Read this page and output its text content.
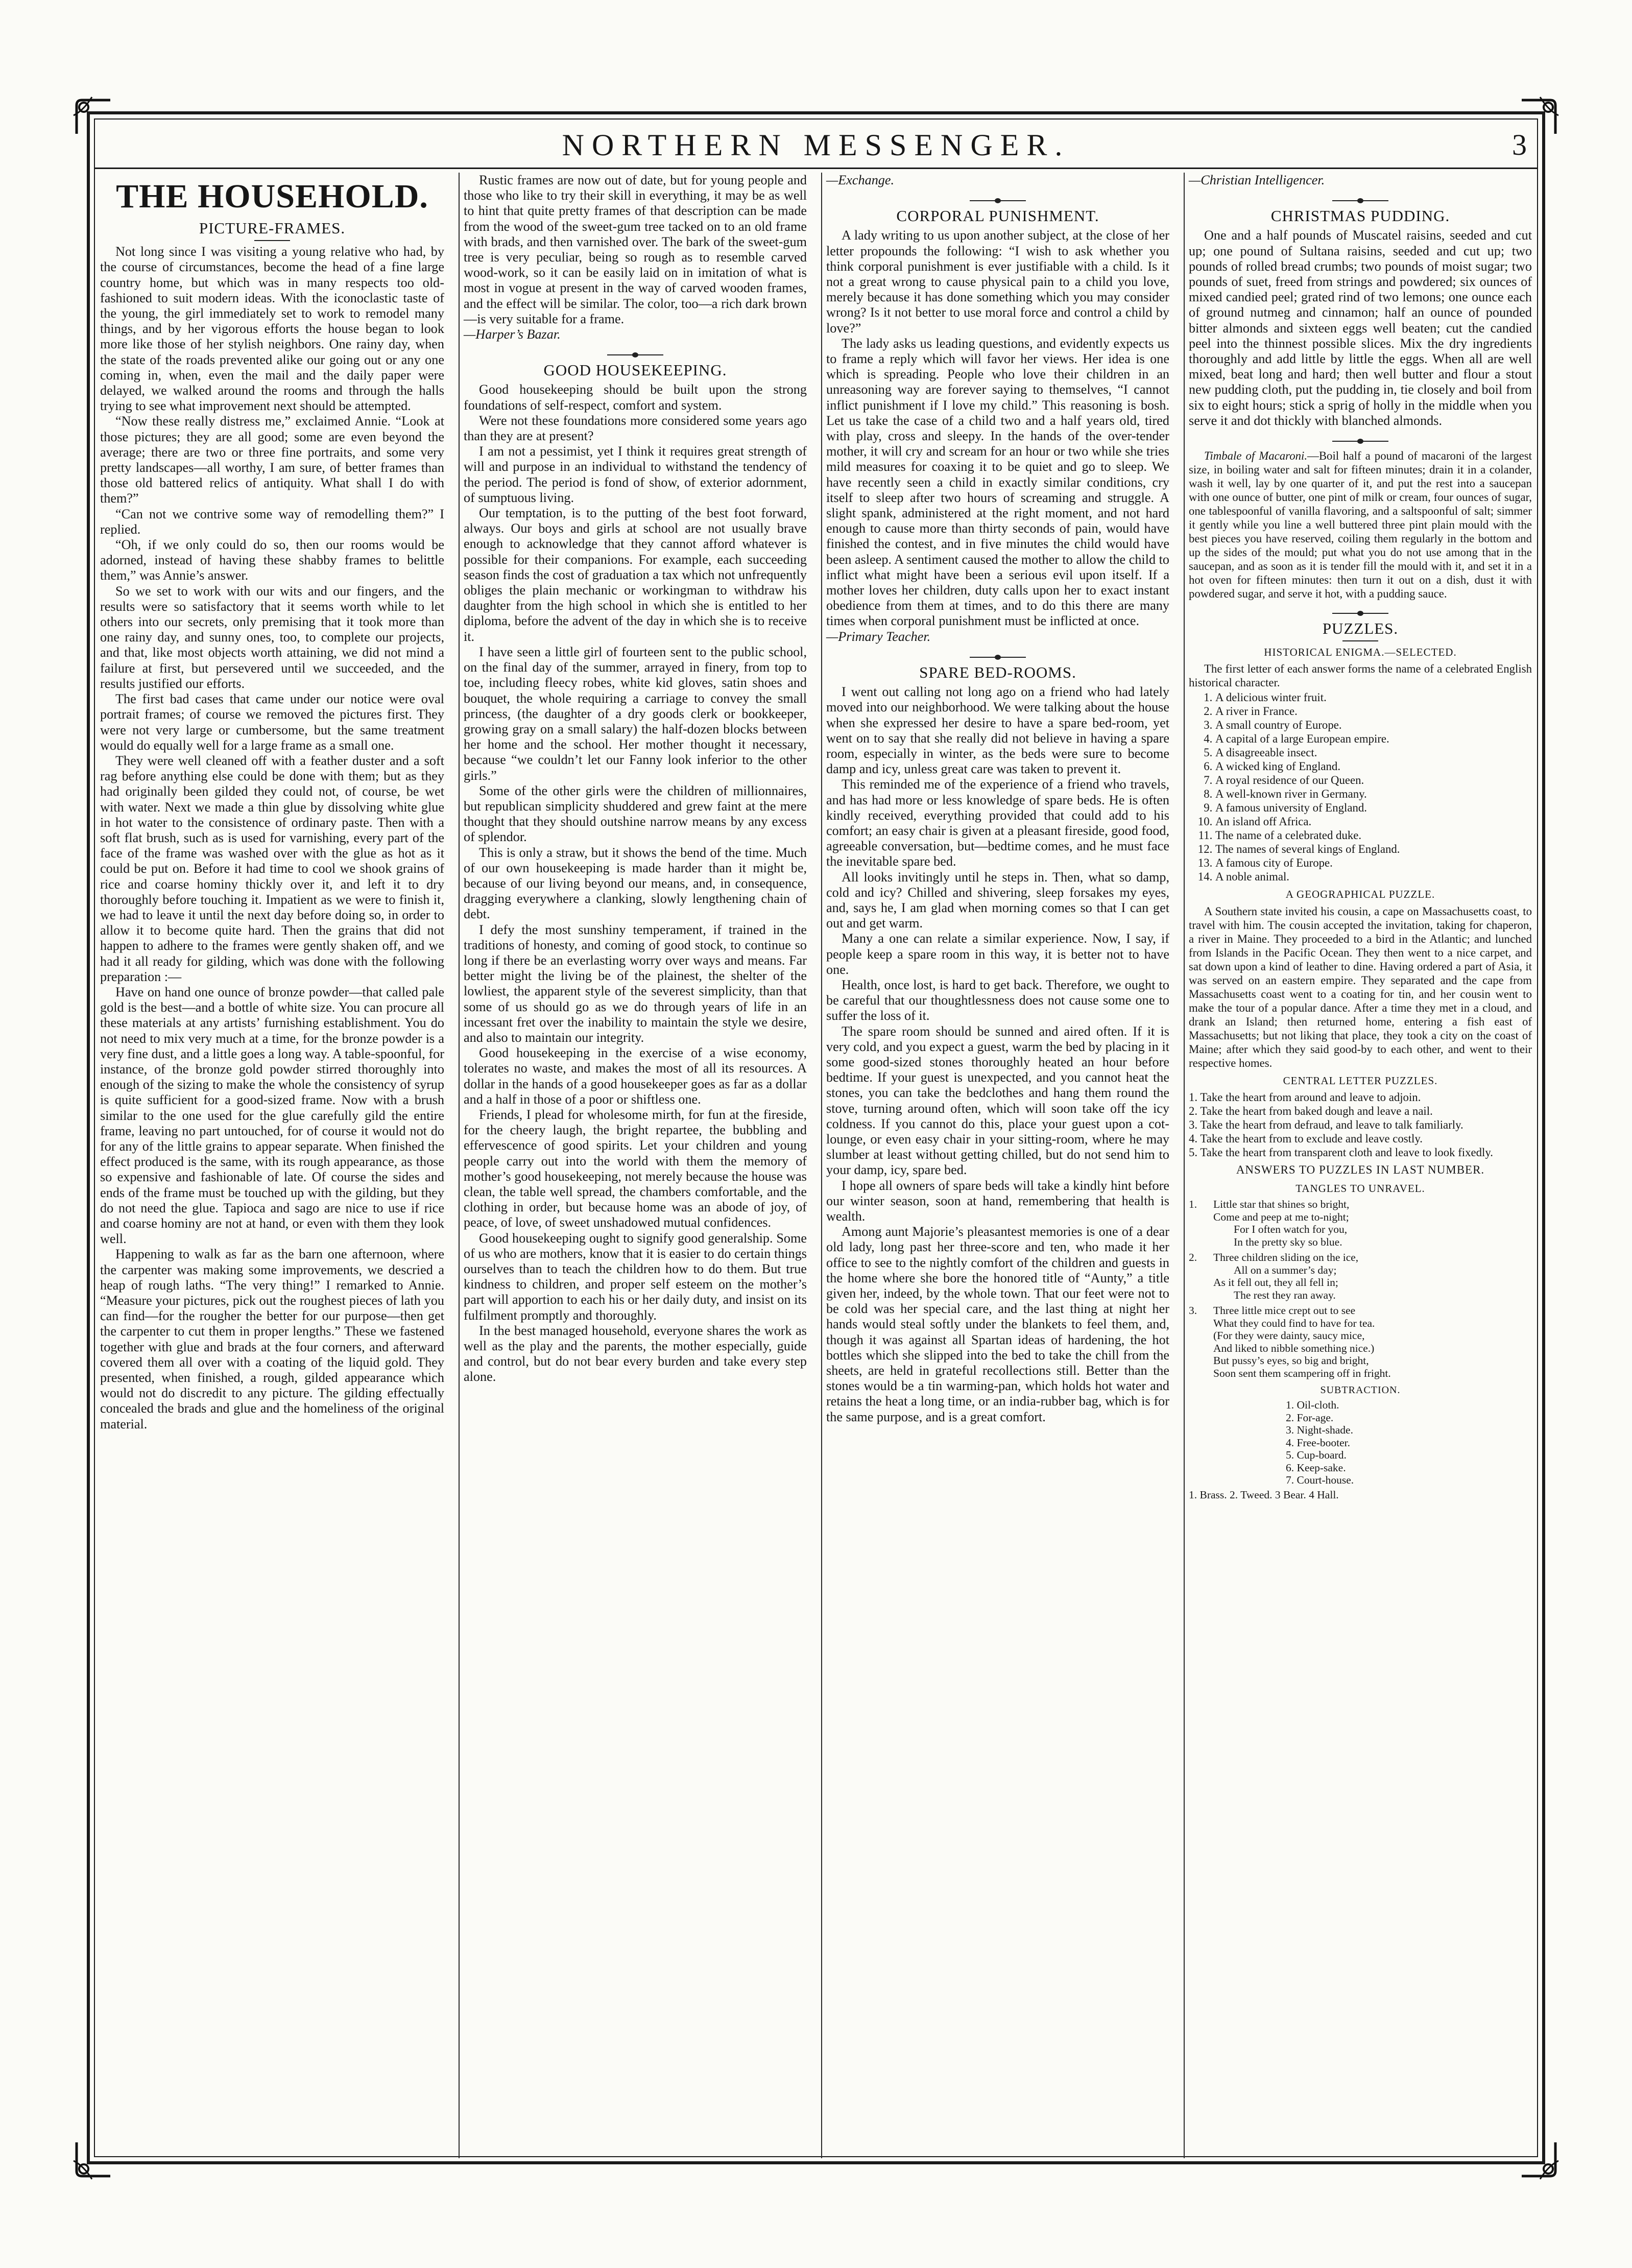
NORTHERN MESSENGER.	3
THE HOUSEHOLD.
PICTURE-FRAMES.

Not long since I was visiting a young relative who had, by the course of circumstances, become the head of a fine large country home, but which was in many respects too old-fashioned to suit modern ideas. With the iconoclastic taste of the young, the girl immediately set to work to remodel many things, and by her vigorous efforts the house began to look more like those of her stylish neighbors. One rainy day, when the state of the roads prevented alike our going out or any one coming in, when, even the mail and the daily paper were delayed, we walked around the rooms and through the halls trying to see what improvement next should be attempted.

“Now these really distress me,” exclaimed Annie. “Look at those pictures; they are all good; some are even beyond the average; there are two or three fine portraits, and some very pretty landscapes—all worthy, I am sure, of better frames than those old battered relics of antiquity. What shall I do with them?”

“Can not we contrive some way of remodelling them?” I replied.

“Oh, if we only could do so, then our rooms would be adorned, instead of having these shabby frames to belittle them,” was Annie’s answer.

So we set to work with our wits and our fingers, and the results were so satisfactory that it seems worth while to let others into our secrets, only premising that it took more than one rainy day, and sunny ones, too, to complete our projects, and that, like most objects worth attaining, we did not mind a failure at first, but persevered until we succeeded, and the results justified our efforts.

The first bad cases that came under our notice were oval portrait frames; of course we removed the pictures first. They were not very large or cumbersome, but the same treatment would do equally well for a large frame as a small one.

They were well cleaned off with a feather duster and a soft rag before anything else could be done with them; but as they had originally been gilded they could not, of course, be wet with water. Next we made a thin glue by dissolving white glue in hot water to the consistence of ordinary paste. Then with a soft flat brush, such as is used for varnishing, every part of the face of the frame was washed over with the glue as hot as it could be put on. Before it had time to cool we shook grains of rice and coarse hominy thickly over it, and left it to dry thoroughly before touching it. Impatient as we were to finish it, we had to leave it until the next day before doing so, in order to allow it to become quite hard. Then the grains that did not happen to adhere to the frames were gently shaken off, and we had it all ready for gilding, which was done with the following preparation :—

Have on hand one ounce of bronze powder—that called pale gold is the best—and a bottle of white size. You can procure all these materials at any artists’ furnishing establishment. You do not need to mix very much at a time, for the bronze powder is a very fine dust, and a little goes a long way. A table-spoonful, for instance, of the bronze gold powder stirred thoroughly into enough of the sizing to make the whole the consistency of syrup is quite sufficient for a good-sized frame. Now with a brush similar to the one used for the glue carefully gild the entire frame, leaving no part untouched, for of course it would not do for any of the little grains to appear separate. When finished the effect produced is the same, with its rough appearance, as those so expensive and fashionable of late. Of course the sides and ends of the frame must be touched up with the gilding, but they do not need the glue. Tapioca and sago are nice to use if rice and coarse hominy are not at hand, or even with them they look well.

Happening to walk as far as the barn one afternoon, where the carpenter was making some improvements, we descried a heap of rough laths. “The very thing!” I remarked to Annie. “Measure your pictures, pick out the roughest pieces of lath you can find—for the rougher the better for our purpose—then get the carpenter to cut them in proper lengths.” These we fastened together with glue and brads at the four corners, and afterward covered them all over with a coating of the liquid gold. They presented, when finished, a rough, gilded appearance which would not do discredit to any picture. The gilding effectually concealed the brads and glue and the homeliness of the original material.

Rustic frames are now out of date, but for young people and those who like to try their skill in everything, it may be as well to hint that quite pretty frames of that description can be made from the wood of the sweet-gum tree tacked on to an old frame with brads, and then varnished over. The bark of the sweet-gum tree is very peculiar, being so rough as to resemble carved wood-work, so it can be easily laid on in imitation of what is most in vogue at present in the way of carved wooden frames, and the effect will be similar. The color, too—a rich dark brown—is very suitable for a frame.

—Harper’s Bazar.

GOOD HOUSEKEEPING.

Good housekeeping should be built upon the strong foundations of self-respect, comfort and system.

Were not these foundations more considered some years ago than they are at present?

I am not a pessimist, yet I think it requires great strength of will and purpose in an individual to withstand the tendency of the period. The period is fond of show, of exterior adornment, of sumptuous living.

Our temptation, is to the putting of the best foot forward, always. Our boys and girls at school are not usually brave enough to acknowledge that they cannot afford whatever is possible for their companions. For example, each succeeding season finds the cost of graduation a tax which not unfrequently obliges the plain mechanic or workingman to withdraw his daughter from the high school in which she is entitled to her diploma, before the advent of the day in which she is to receive it.

I have seen a little girl of fourteen sent to the public school, on the final day of the summer, arrayed in finery, from top to toe, including fleecy robes, white kid gloves, satin shoes and bouquet, the whole requiring a carriage to convey the small princess, (the daughter of a dry goods clerk or bookkeeper, growing gray on a small salary) the half-dozen blocks between her home and the school. Her mother thought it necessary, because “we couldn’t let our Fanny look inferior to the other girls.”

Some of the other girls were the children of millionnaires, but republican simplicity shuddered and grew faint at the mere thought that they should outshine narrow means by any excess of splendor.

This is only a straw, but it shows the bend of the time. Much of our own housekeeping is made harder than it might be, because of our living beyond our means, and, in consequence, dragging everywhere a clanking, slowly lengthening chain of debt.

I defy the most sunshiny temperament, if trained in the traditions of honesty, and coming of good stock, to continue so long if there be an everlasting worry over ways and means. Far better might the living be of the plainest, the shelter of the lowliest, the apparent style of the severest simplicity, than that some of us should go as we do through years of life in an incessant fret over the inability to maintain the style we desire, and also to maintain our integrity.

Good housekeeping in the exercise of a wise economy, tolerates no waste, and makes the most of all its resources. A dollar in the hands of a good housekeeper goes as far as a dollar and a half in those of a poor or shiftless one.

Friends, I plead for wholesome mirth, for fun at the fireside, for the cheery laugh, the bright repartee, the bubbling and effervescence of good spirits. Let your children and young people carry out into the world with them the memory of mother’s good housekeeping, not merely because the house was clean, the table well spread, the chambers comfortable, and the clothing in order, but because home was an abode of joy, of peace, of love, of sweet unshadowed mutual confidences.

Good housekeeping ought to signify good generalship. Some of us who are mothers, know that it is easier to do certain things ourselves than to teach the children how to do them. But true kindness to children, and proper self esteem on the mother’s part will apportion to each his or her daily duty, and insist on its fulfilment promptly and thoroughly.

In the best managed household, everyone shares the work as well as the play and the parents, the mother especially, guide and control, but do not bear every burden and take every step alone.

—Exchange.

CORPORAL PUNISHMENT.

A lady writing to us upon another subject, at the close of her letter propounds the following: “I wish to ask whether you think corporal punishment is ever justifiable with a child. Is it not a great wrong to cause physical pain to a child you love, merely because it has done something which you may consider wrong? Is it not better to use moral force and control a child by love?”

The lady asks us leading questions, and evidently expects us to frame a reply which will favor her views. Her idea is one which is spreading. People who love their children in an unreasoning way are forever saying to themselves, “I cannot inflict punishment if I love my child.” This reasoning is bosh. Let us take the case of a child two and a half years old, tired with play, cross and sleepy. In the hands of the over-tender mother, it will cry and scream for an hour or two while she tries mild measures for coaxing it to be quiet and go to sleep. We have recently seen a child in exactly similar conditions, cry itself to sleep after two hours of screaming and struggle. A slight spank, administered at the right moment, and not hard enough to cause more than thirty seconds of pain, would have finished the contest, and in five minutes the child would have been asleep. A sentiment caused the mother to allow the child to inflict what might have been a serious evil upon itself. If a mother loves her children, duty calls upon her to exact instant obedience from them at times, and to do this there are many times when corporal punishment must be inflicted at once.

—Primary Teacher.

SPARE BED-ROOMS.

I went out calling not long ago on a friend who had lately moved into our neighborhood. We were talking about the house when she expressed her desire to have a spare bed-room, yet went on to say that she really did not believe in having a spare room, especially in winter, as the beds were sure to become damp and icy, unless great care was taken to prevent it.

This reminded me of the experience of a friend who travels, and has had more or less knowledge of spare beds. He is often kindly received, everything provided that could add to his comfort; an easy chair is given at a pleasant fireside, good food, agreeable conversation, but—bedtime comes, and he must face the inevitable spare bed.

All looks invitingly until he steps in. Then, what so damp, cold and icy? Chilled and shivering, sleep forsakes my eyes, and, says he, I am glad when morning comes so that I can get out and get warm.

Many a one can relate a similar experience. Now, I say, if people keep a spare room in this way, it is better not to have one.

Health, once lost, is hard to get back. Therefore, we ought to be careful that our thoughtlessness does not cause some one to suffer the loss of it.

The spare room should be sunned and aired often. If it is very cold, and you expect a guest, warm the bed by placing in it some good-sized stones thoroughly heated an hour before bedtime. If your guest is unexpected, and you cannot heat the stones, you can take the bedclothes and hang them round the stove, turning around often, which will soon take off the icy coldness. If you cannot do this, place your guest upon a cot-lounge, or even easy chair in your sitting-room, where he may slumber at least without getting chilled, but do not send him to your damp, icy, spare bed.

I hope all owners of spare beds will take a kindly hint before our winter season, soon at hand, remembering that health is wealth.

Among aunt Majorie’s pleasantest memories is one of a dear old lady, long past her three-score and ten, who made it her office to see to the nightly comfort of the children and guests in the home where she bore the honored title of “Aunty,” a title given her, indeed, by the whole town. That our feet were not to be cold was her special care, and the last thing at night her hands would steal softly under the blankets to feel them, and, though it was against all Spartan ideas of hardening, the hot bottles which she slipped into the bed to take the chill from the sheets, are held in grateful recollections still. Better than the stones would be a tin warming-pan, which holds hot water and retains the heat a long time, or an india-rubber bag, which is for the same purpose, and is a great comfort.

—Christian Intelligencer.

CHRISTMAS PUDDING.

One and a half pounds of Muscatel raisins, seeded and cut up; one pound of Sultana raisins, seeded and cut up; two pounds of rolled bread crumbs; two pounds of moist sugar; two pounds of suet, freed from strings and powdered; six ounces of mixed candied peel; grated rind of two lemons; one ounce each of ground nutmeg and cinnamon; half an ounce of pounded bitter almonds and sixteen eggs well beaten; cut the candied peel into the thinnest possible slices. Mix the dry ingredients thoroughly and add little by little the eggs. When all are well mixed, beat long and hard; then well butter and flour a stout new pudding cloth, put the pudding in, tie closely and boil from six to eight hours; stick a sprig of holly in the middle when you serve it and dot thickly with blanched almonds.

Timbale of Macaroni.—Boil half a pound of macaroni of the largest size, in boiling water and salt for fifteen minutes; drain it in a colander, wash it well, lay by one quarter of it, and put the rest into a saucepan with one ounce of butter, one pint of milk or cream, four ounces of sugar, one tablespoonful of vanilla flavoring, and a saltspoonful of salt; simmer it gently while you line a well buttered three pint plain mould with the best pieces you have reserved, coiling them regularly in the bottom and up the sides of the mould; put what you do not use among that in the saucepan, and as soon as it is tender fill the mould with it, and set it in a hot oven for fifteen minutes: then turn it out on a dish, dust it with powdered sugar, and serve it hot, with a pudding sauce.

PUZZLES.
HISTORICAL ENIGMA.—SELECTED.

The first letter of each answer forms the name of a celebrated English historical character.

1. A delicious winter fruit.
2. A river in France.
3. A small country of Europe.
4. A capital of a large European empire.
5. A disagreeable insect.
6. A wicked king of England.
7. A royal residence of our Queen.
8. A well-known river in Germany.
9. A famous university of England.
10. An island off Africa.
11. The name of a celebrated duke.
12. The names of several kings of England.
13. A famous city of Europe.
14. A noble animal.
A GEOGRAPHICAL PUZZLE.

A Southern state invited his cousin, a cape on Massachusetts coast, to travel with him. The cousin accepted the invitation, taking for chaperon, a river in Maine. They proceeded to a bird in the Atlantic; and lunched from Islands in the Pacific Ocean. They then went to a nice carpet, and sat down upon a kind of leather to dine. Having ordered a part of Asia, it was served on an eastern empire. They separated and the cape from Massachusetts coast went to a coating for tin, and her cousin went to make the tour of a popular dance. After a time they met in a cloud, and drank an Island; then returned home, entering a fish east of Massachusetts; but not liking that place, they took a city on the coast of Maine; after which they said good-by to each other, and went to their respective homes.

CENTRAL LETTER PUZZLES.

1. Take the heart from around and leave to adjoin.

2. Take the heart from baked dough and leave a nail.

3. Take the heart from defraud, and leave to talk familiarly.

4. Take the heart from to exclude and leave costly.

5. Take the heart from transparent cloth and leave to look fixedly.

ANSWERS TO PUZZLES IN LAST NUMBER.
TANGLES TO UNRAVEL.
1. Little star that shines so bright,
Come and peep at me to-night;
For I often watch for you,
In the pretty sky so blue.
2. Three children sliding on the ice,
All on a summer’s day;
As it fell out, they all fell in;
The rest they ran away.
3. Three little mice crept out to see
What they could find to have for tea.
(For they were dainty, saucy mice,
And liked to nibble something nice.)
But pussy’s eyes, so big and bright,
Soon sent them scampering off in fright.
SUBTRACTION.
1. Oil-cloth.
2. For-age.
3. Night-shade.
4. Free-booter.
5. Cup-board.
6. Keep-sake.
7. Court-house.
1. Brass. 2. Tweed. 3 Bear. 4 Hall.
